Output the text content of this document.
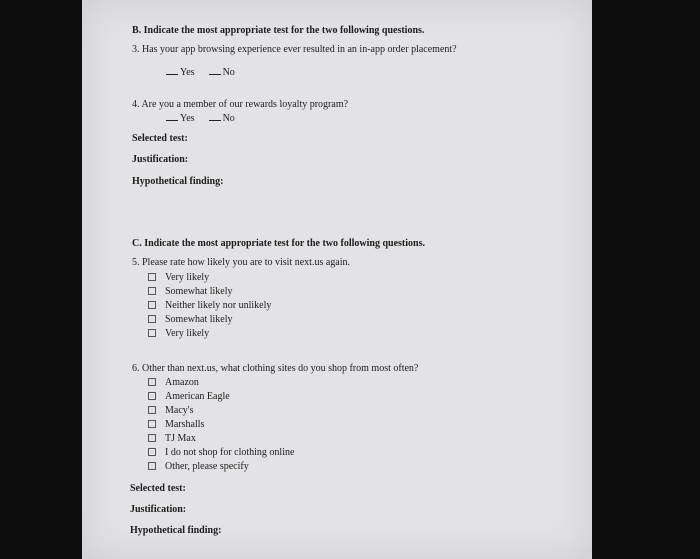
B. Indicate the most appropriate test for the two following questions.
3. Has your app browsing experience ever resulted in an in-app order placement?
Yes	No
4. Are you a member of our rewards loyalty program?
Yes	No
Selected test:
Justification:
Hypothetical finding:
C. Indicate the most appropriate test for the two following questions.
5. Please rate how likely you are to visit next.us again.
Very likely
Somewhat likely
Neither likely nor unlikely
Somewhat likely
Very likely
6. Other than next.us, what clothing sites do you shop from most often?
Amazon
American Eagle
Macy's
Marshalls
TJ Max
I do not shop for clothing online
Other, please specify
Selected test:
Justification:
Hypothetical finding:
